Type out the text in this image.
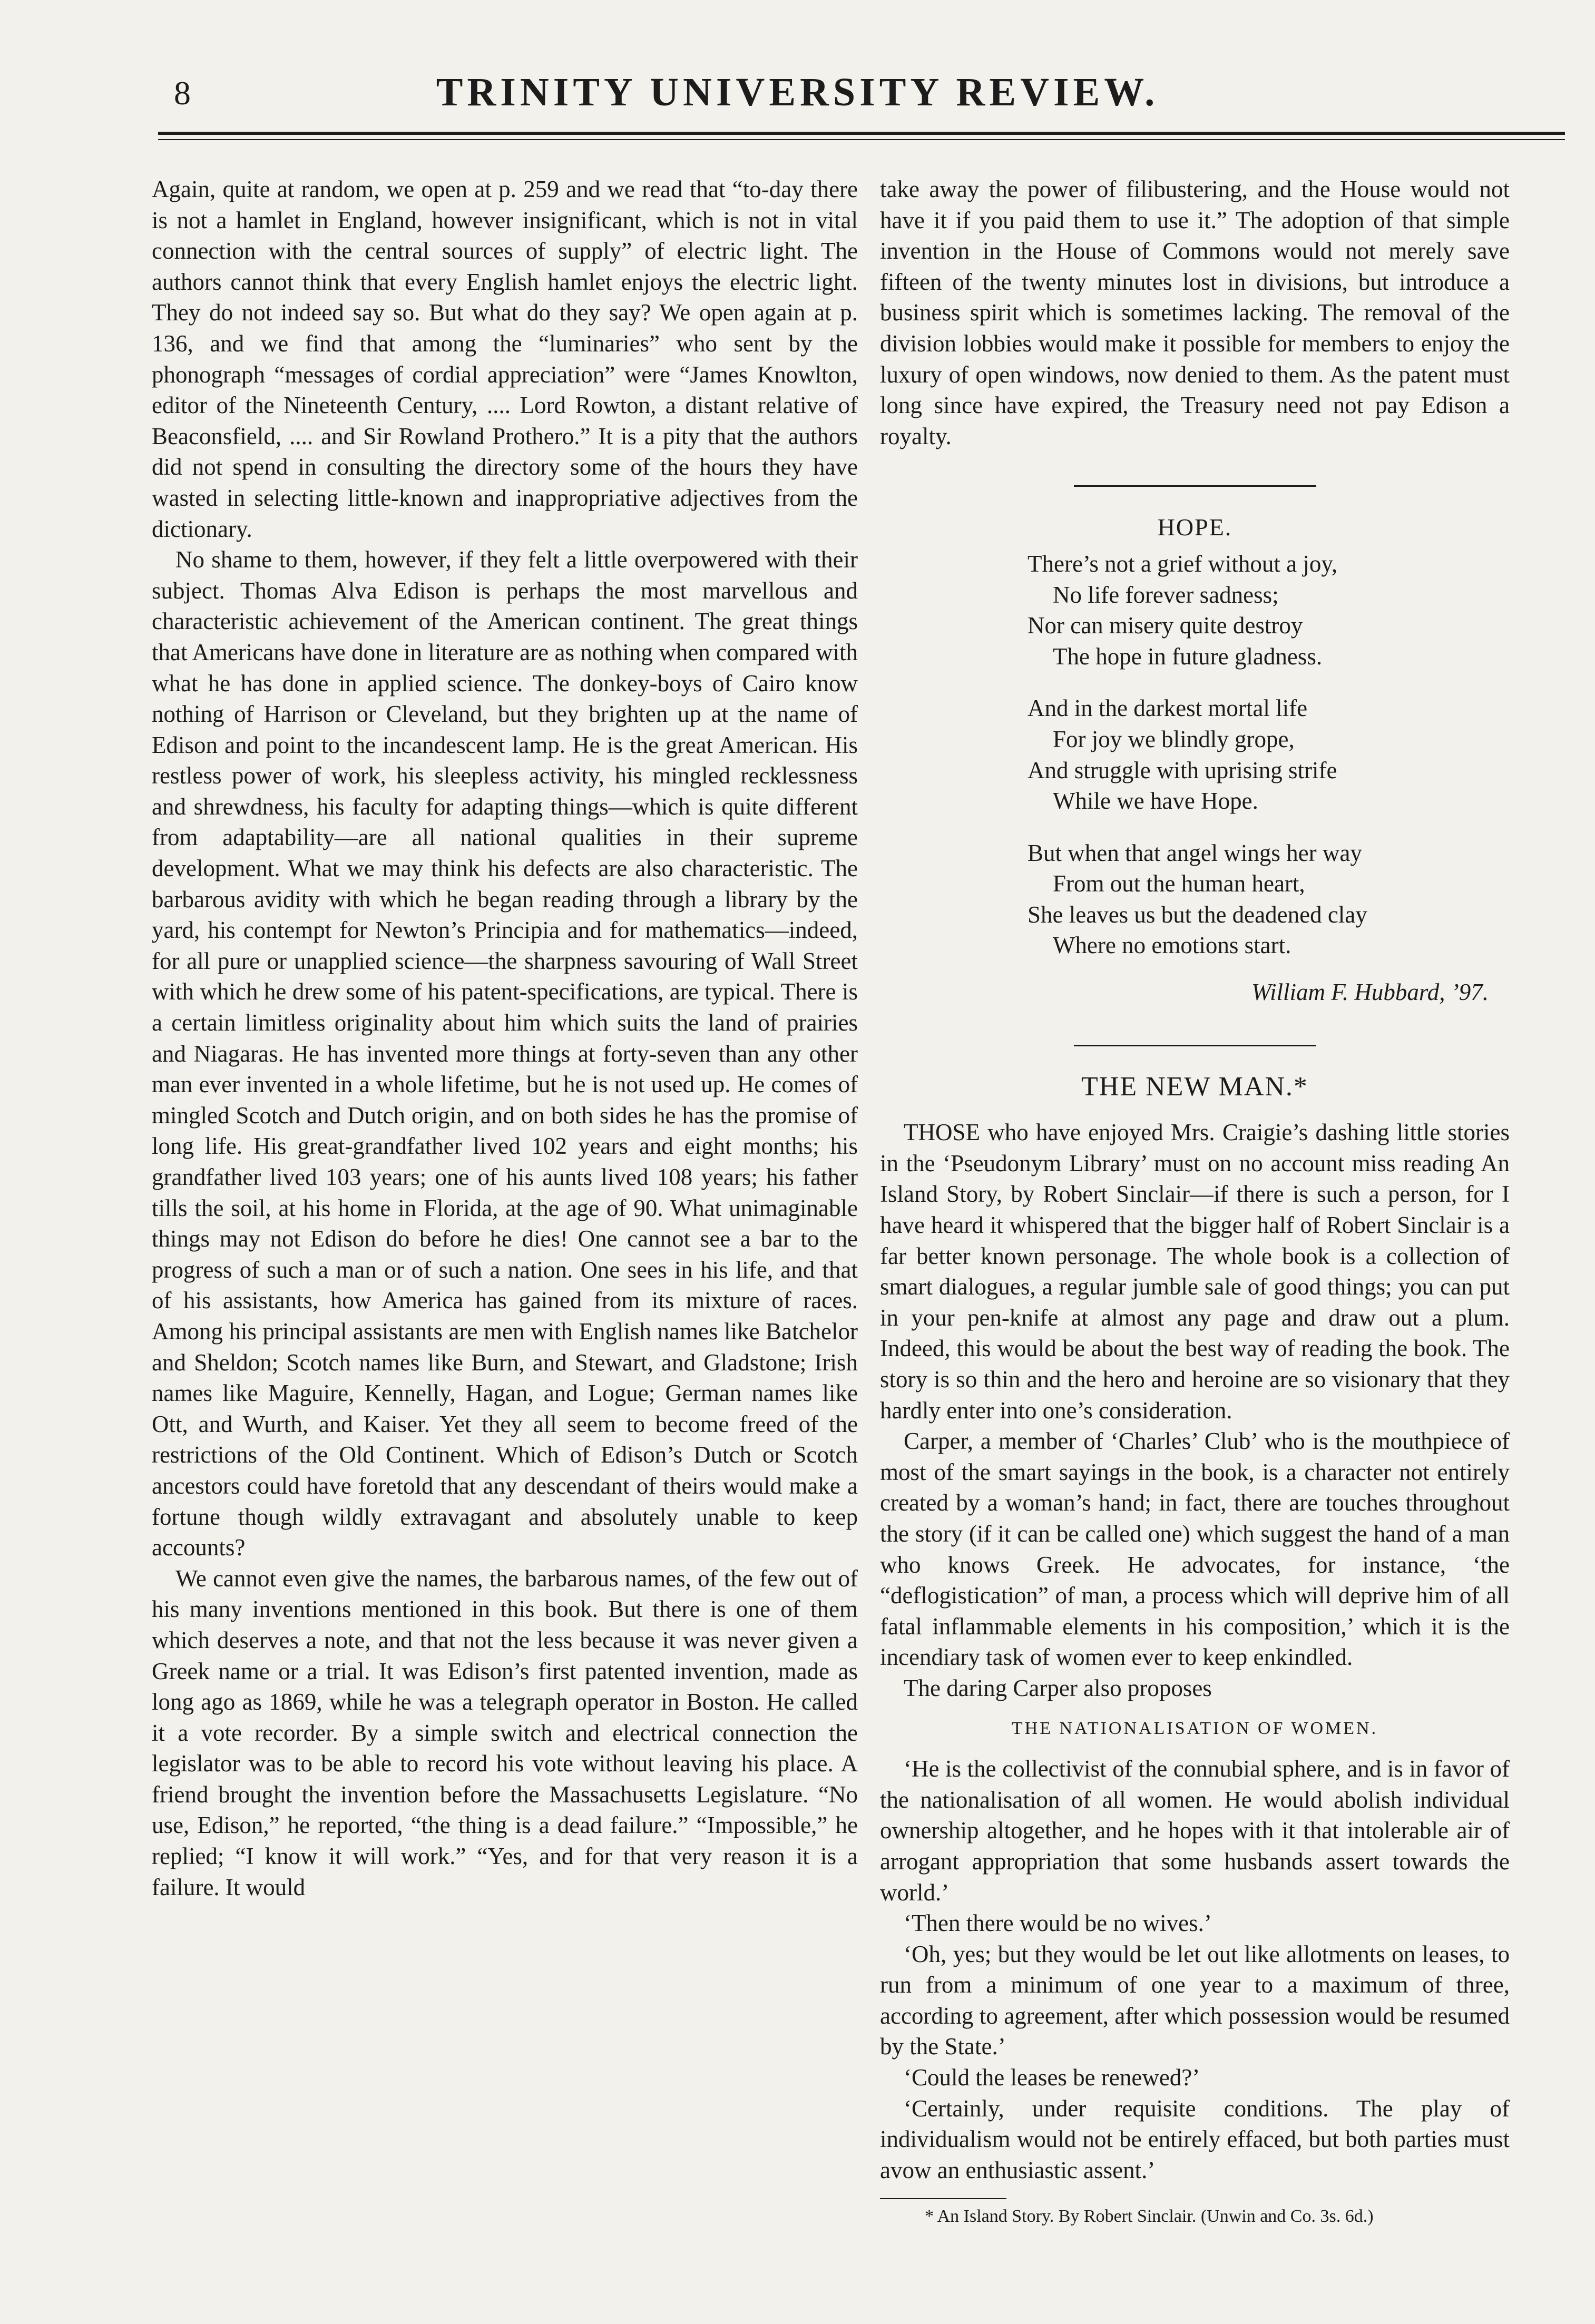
8	TRINITY UNIVERSITY REVIEW.

Again, quite at random, we open at p. 259 and we read that “to-day there is not a hamlet in England, however insignificant, which is not in vital connection with the central sources of supply” of electric light. The authors cannot think that every English hamlet enjoys the electric light. They do not indeed say so. But what do they say? We open again at p. 136, and we find that among the “luminaries” who sent by the phonograph “messages of cordial appreciation” were “James Knowlton, editor of the Nineteenth Century, .... Lord Rowton, a distant relative of Beaconsfield, .... and Sir Rowland Prothero.” It is a pity that the authors did not spend in consulting the directory some of the hours they have wasted in selecting little-known and inappropriative adjectives from the dictionary.

No shame to them, however, if they felt a little overpowered with their subject. Thomas Alva Edison is perhaps the most marvellous and characteristic achievement of the American continent. The great things that Americans have done in literature are as nothing when compared with what he has done in applied science. The donkey-boys of Cairo know nothing of Harrison or Cleveland, but they brighten up at the name of Edison and point to the incandescent lamp. He is the great American. His restless power of work, his sleepless activity, his mingled recklessness and shrewdness, his faculty for adapting things—which is quite different from adaptability—are all national qualities in their supreme development. What we may think his defects are also characteristic. The barbarous avidity with which he began reading through a library by the yard, his contempt for Newton’s Principia and for mathematics—indeed, for all pure or unapplied science—the sharpness savouring of Wall Street with which he drew some of his patent-specifications, are typical. There is a certain limitless originality about him which suits the land of prairies and Niagaras. He has invented more things at forty-seven than any other man ever invented in a whole lifetime, but he is not used up. He comes of mingled Scotch and Dutch origin, and on both sides he has the promise of long life. His great-grandfather lived 102 years and eight months; his grandfather lived 103 years; one of his aunts lived 108 years; his father tills the soil, at his home in Florida, at the age of 90. What unimaginable things may not Edison do before he dies! One cannot see a bar to the progress of such a man or of such a nation. One sees in his life, and that of his assistants, how America has gained from its mixture of races. Among his principal assistants are men with English names like Batchelor and Sheldon; Scotch names like Burn, and Stewart, and Gladstone; Irish names like Maguire, Kennelly, Hagan, and Logue; German names like Ott, and Wurth, and Kaiser. Yet they all seem to become freed of the restrictions of the Old Continent. Which of Edison’s Dutch or Scotch ancestors could have foretold that any descendant of theirs would make a fortune though wildly extravagant and absolutely unable to keep accounts?

We cannot even give the names, the barbarous names, of the few out of his many inventions mentioned in this book. But there is one of them which deserves a note, and that not the less because it was never given a Greek name or a trial. It was Edison’s first patented invention, made as long ago as 1869, while he was a telegraph operator in Boston. He called it a vote recorder. By a simple switch and electrical connection the legislator was to be able to record his vote without leaving his place. A friend brought the invention before the Massachusetts Legislature. “No use, Edison,” he reported, “the thing is a dead failure.” “Impossible,” he replied; “I know it will work.” “Yes, and for that very reason it is a failure. It would

take away the power of filibustering, and the House would not have it if you paid them to use it.” The adoption of that simple invention in the House of Commons would not merely save fifteen of the twenty minutes lost in divisions, but introduce a business spirit which is sometimes lacking. The removal of the division lobbies would make it possible for members to enjoy the luxury of open windows, now denied to them. As the patent must long since have expired, the Treasury need not pay Edison a royalty.

HOPE.
There’s not a grief without a joy,
No life forever sadness;
Nor can misery quite destroy
The hope in future gladness.
And in the darkest mortal life
For joy we blindly grope,
And struggle with uprising strife
While we have Hope.
But when that angel wings her way
From out the human heart,
She leaves us but the deadened clay
Where no emotions start.
William F. Hubbard, ’97.
THE NEW MAN.*

THOSE who have enjoyed Mrs. Craigie’s dashing little stories in the ‘Pseudonym Library’ must on no account miss reading An Island Story, by Robert Sinclair—if there is such a person, for I have heard it whispered that the bigger half of Robert Sinclair is a far better known personage. The whole book is a collection of smart dialogues, a regular jumble sale of good things; you can put in your pen-knife at almost any page and draw out a plum. Indeed, this would be about the best way of reading the book. The story is so thin and the hero and heroine are so visionary that they hardly enter into one’s consideration.

Carper, a member of ‘Charles’ Club’ who is the mouthpiece of most of the smart sayings in the book, is a character not entirely created by a woman’s hand; in fact, there are touches throughout the story (if it can be called one) which suggest the hand of a man who knows Greek. He advocates, for instance, ‘the “deflogistication” of man, a process which will deprive him of all fatal inflammable elements in his composition,’ which it is the incendiary task of women ever to keep enkindled.

The daring Carper also proposes

THE NATIONALISATION OF WOMEN.

‘He is the collectivist of the connubial sphere, and is in favor of the nationalisation of all women. He would abolish individual ownership altogether, and he hopes with it that intolerable air of arrogant appropriation that some husbands assert towards the world.’

‘Then there would be no wives.’

‘Oh, yes; but they would be let out like allotments on leases, to run from a minimum of one year to a maximum of three, according to agreement, after which possession would be resumed by the State.’

‘Could the leases be renewed?’

‘Certainly, under requisite conditions. The play of individualism would not be entirely effaced, but both parties must avow an enthusiastic assent.’

* An Island Story. By Robert Sinclair. (Unwin and Co. 3s. 6d.)
